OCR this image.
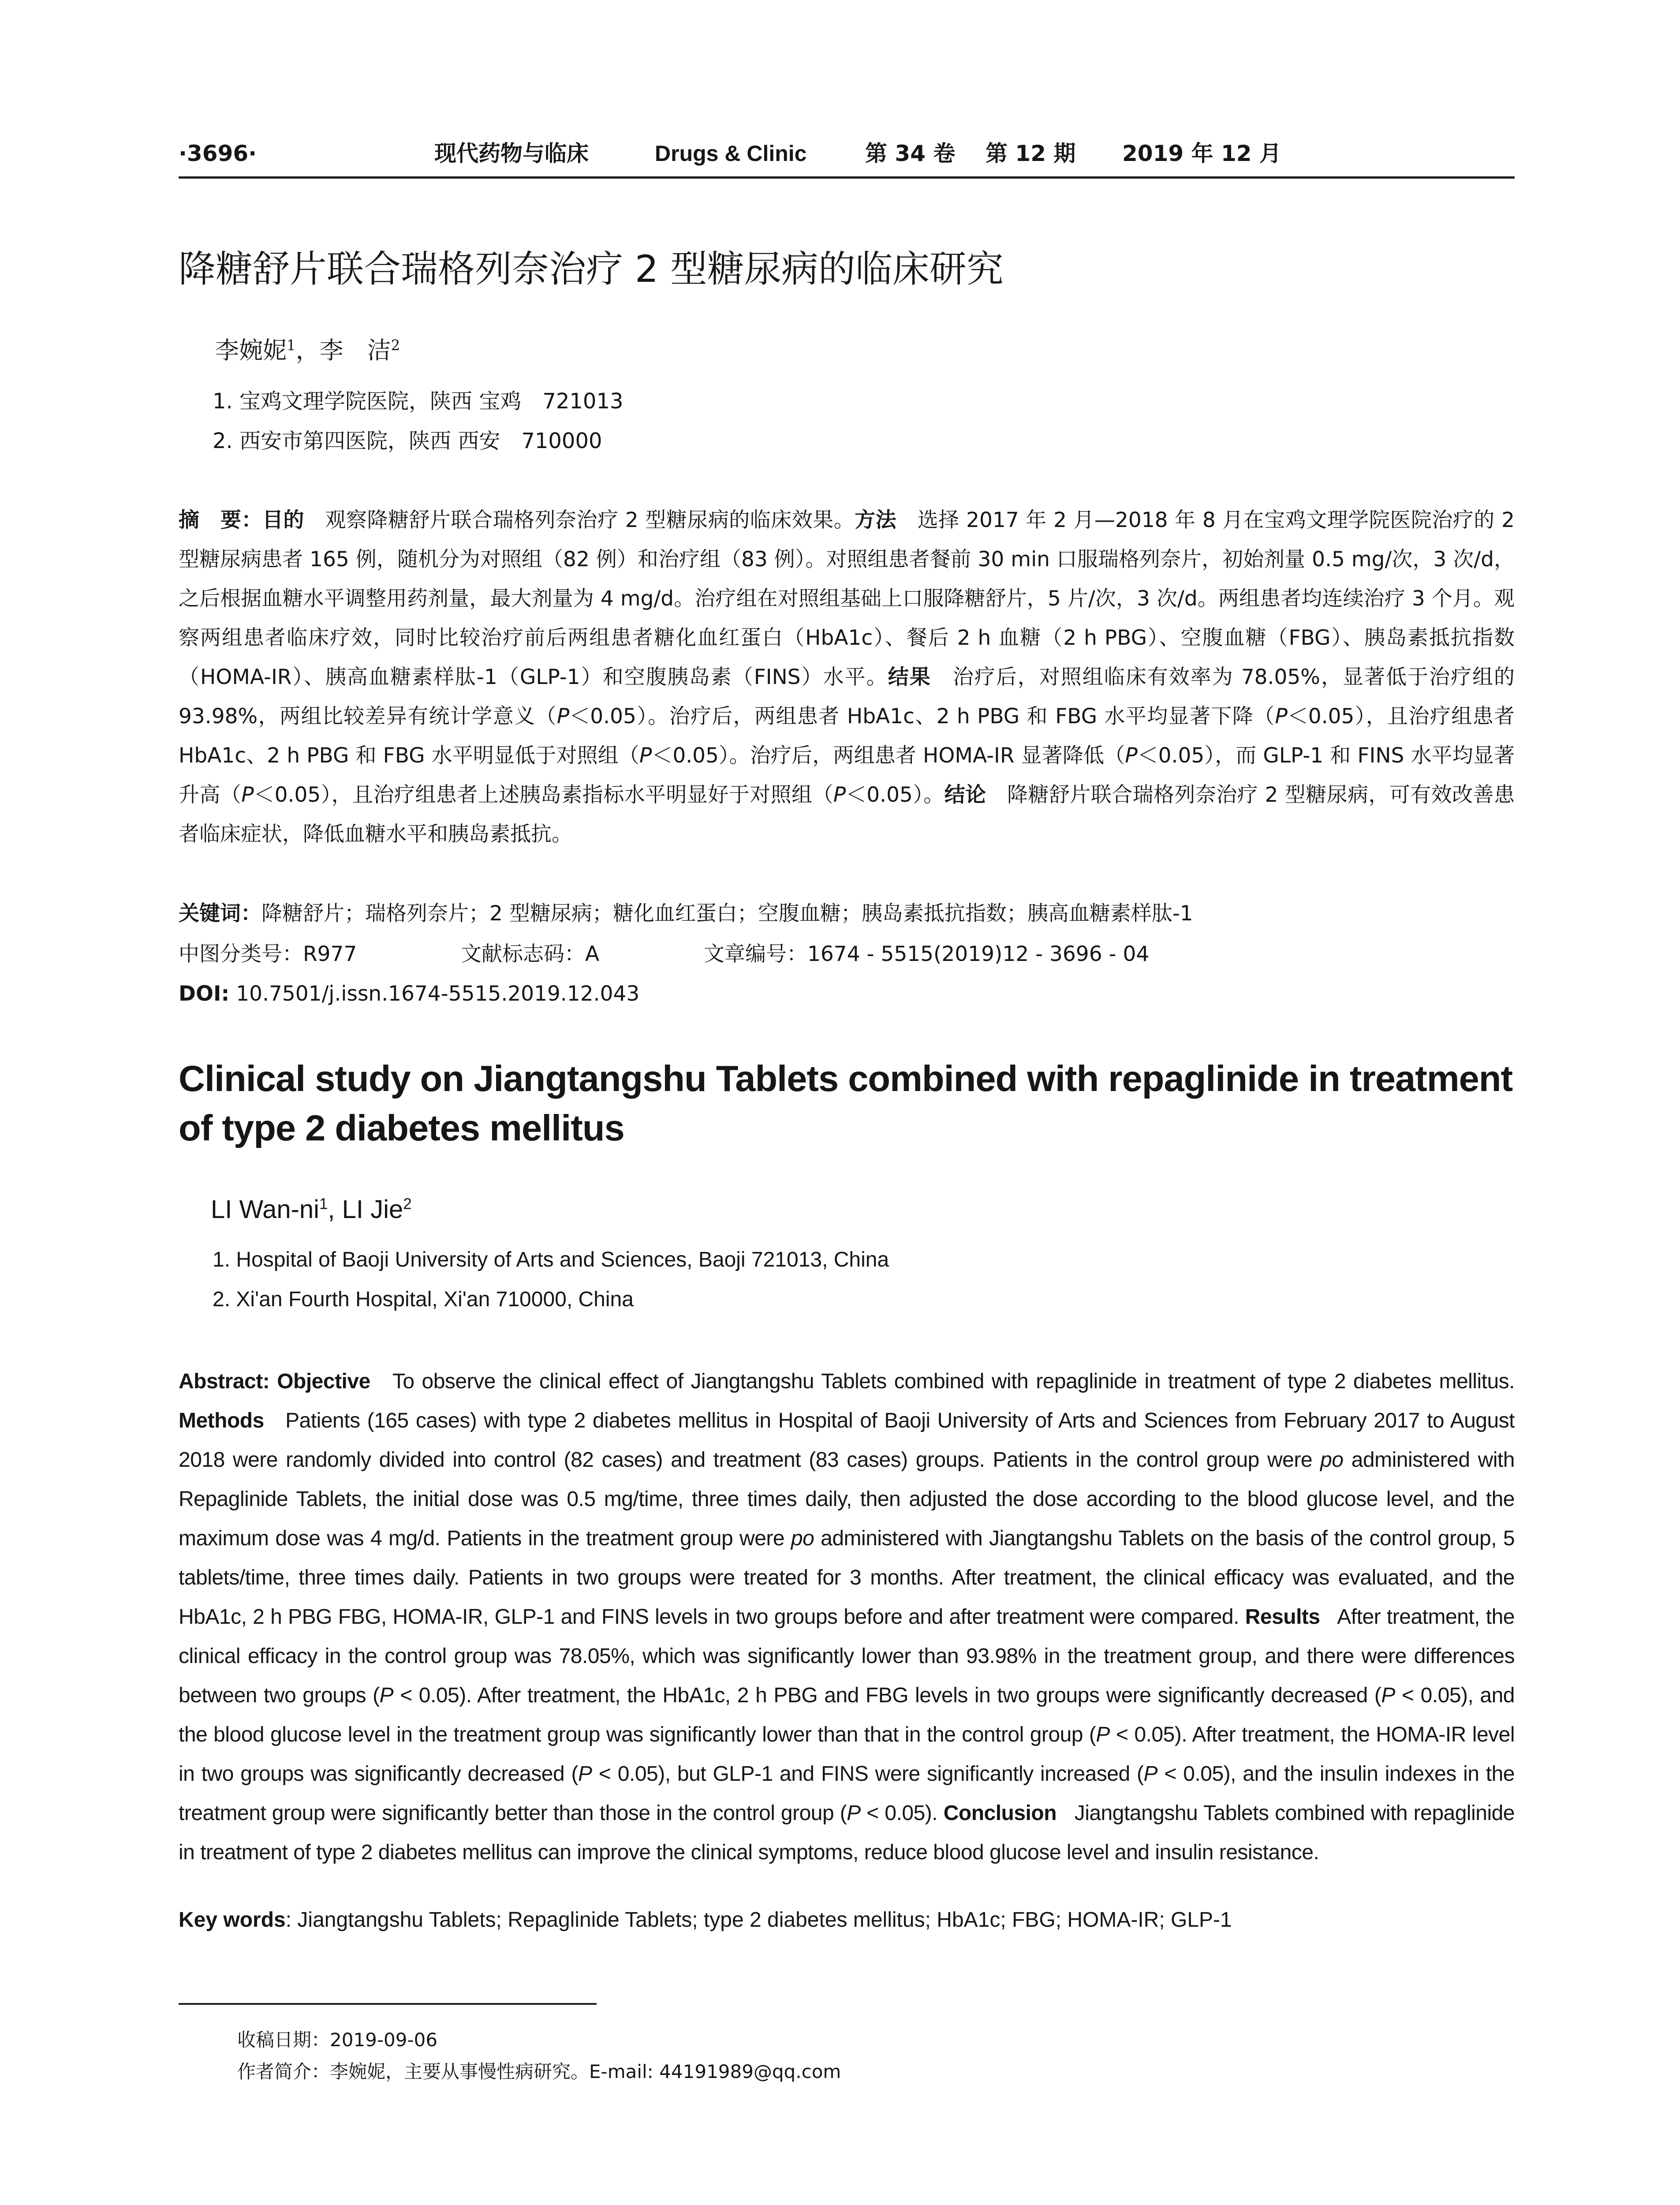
·3696·	现代药物与临床	Drugs & Clinic	第 34 卷 第 12 期 2019 年 12 月
降糖舒片联合瑞格列奈治疗 2 型糖尿病的临床研究
李婉妮$^1$，李　洁$^2$
1. 宝鸡文理学院医院，陕西 宝鸡　721013
2. 西安市第四医院，陕西 西安　710000
摘　要：目的　 观察降糖舒片联合瑞格列奈治疗 2 型糖尿病的临床效果。方法　 选择 2017 年 2 月—2018 年 8 月在宝鸡文理学院医院治疗的 2 型糖尿病患者 165 例，随机分为对照组（82 例）和治疗组（83 例）。对照组患者餐前 30 min 口服瑞格列奈片，初始剂量 0.5 mg/次，3 次/d，之后根据血糖水平调整用药剂量，最大剂量为 4 mg/d。治疗组在对照组基础上口服降糖舒片，5 片/次，3 次/d。两组患者均连续治疗 3 个月。观察两组患者临床疗效，同时比较治疗前后两组患者糖化血红蛋白（HbA1c）、餐后 2 h 血糖（2 h PBG）、空腹血糖（FBG）、胰岛素抵抗指数（HOMA-IR）、胰高血糖素样肽-1（GLP-1）和空腹胰岛素（FINS）水平。结果　 治疗后，对照组临床有效率为 78.05%，显著低于治疗组的 93.98%，两组比较差异有统计学意义（P＜0.05）。治疗后，两组患者 HbA1c、2 h PBG 和 FBG 水平均显著下降（P＜0.05），且治疗组患者 HbA1c、2 h PBG 和 FBG 水平明显低于对照组（P＜0.05）。治疗后，两组患者 HOMA-IR 显著降低（P＜0.05），而 GLP-1 和 FINS 水平均显著升高（P＜0.05），且治疗组患者上述胰岛素指标水平明显好于对照组（P＜0.05）。结论　 降糖舒片联合瑞格列奈治疗 2 型糖尿病，可有效改善患者临床症状，降低血糖水平和胰岛素抵抗。
关键词：降糖舒片；瑞格列奈片；2 型糖尿病；糖化血红蛋白；空腹血糖；胰岛素抵抗指数；胰高血糖素样肽-1
中图分类号：R977	文献标志码：A	文章编号：1674 - 5515(2019)12 - 3696 - 04
DOI: 10.7501/j.issn.1674-5515.2019.12.043
Clinical study on Jiangtangshu Tablets combined with repaglinide in treatment of type 2 diabetes mellitus
LI Wan-$ni^1$, LI Jie$^2$
1. Hospital of Baoji University of Arts and Sciences, Baoji 721013, China
2. Xi'an Fourth Hospital, Xi'an 710000, China
Abstract: Objective To observe the clinical effect of Jiangtangshu Tablets combined with repaglinide in treatment of type 2 diabetes mellitus. Methods Patients (165 cases) with type 2 diabetes mellitus in Hospital of Baoji University of Arts and Sciences from February 2017 to August 2018 were randomly divided into control (82 cases) and treatment (83 cases) groups. Patients in the control group were po administered with Repaglinide Tablets, the initial dose was 0.5 mg/time, three times daily, then adjusted the dose according to the blood glucose level, and the maximum dose was 4 mg/d. Patients in the treatment group were po administered with Jiangtangshu Tablets on the basis of the control group, 5 tablets/time, three times daily. Patients in two groups were treated for 3 months. After treatment, the clinical efficacy was evaluated, and the HbA1c, 2 h PBG FBG, HOMA-IR, GLP-1 and FINS levels in two groups before and after treatment were compared. Results After treatment, the clinical efficacy in the control group was 78.05%, which was significantly lower than 93.98% in the treatment group, and there were differences between two groups (P < 0.05). After treatment, the HbA1c, 2 h PBG and FBG levels in two groups were significantly decreased (P < 0.05), and the blood glucose level in the treatment group was significantly lower than that in the control group (P < 0.05). After treatment, the HOMA-IR level in two groups was significantly decreased (P < 0.05), but GLP-1 and FINS were significantly increased (P < 0.05), and the insulin indexes in the treatment group were significantly better than those in the control group (P < 0.05). Conclusion Jiangtangshu Tablets combined with repaglinide in treatment of type 2 diabetes mellitus can improve the clinical symptoms, reduce blood glucose level and insulin resistance.
Key words: Jiangtangshu Tablets; Repaglinide Tablets; type 2 diabetes mellitus; HbA1c; FBG; HOMA-IR; GLP-1
收稿日期：2019-09-06
作者简介：李婉妮，主要从事慢性病研究。E-mail: 44191989@qq.com
